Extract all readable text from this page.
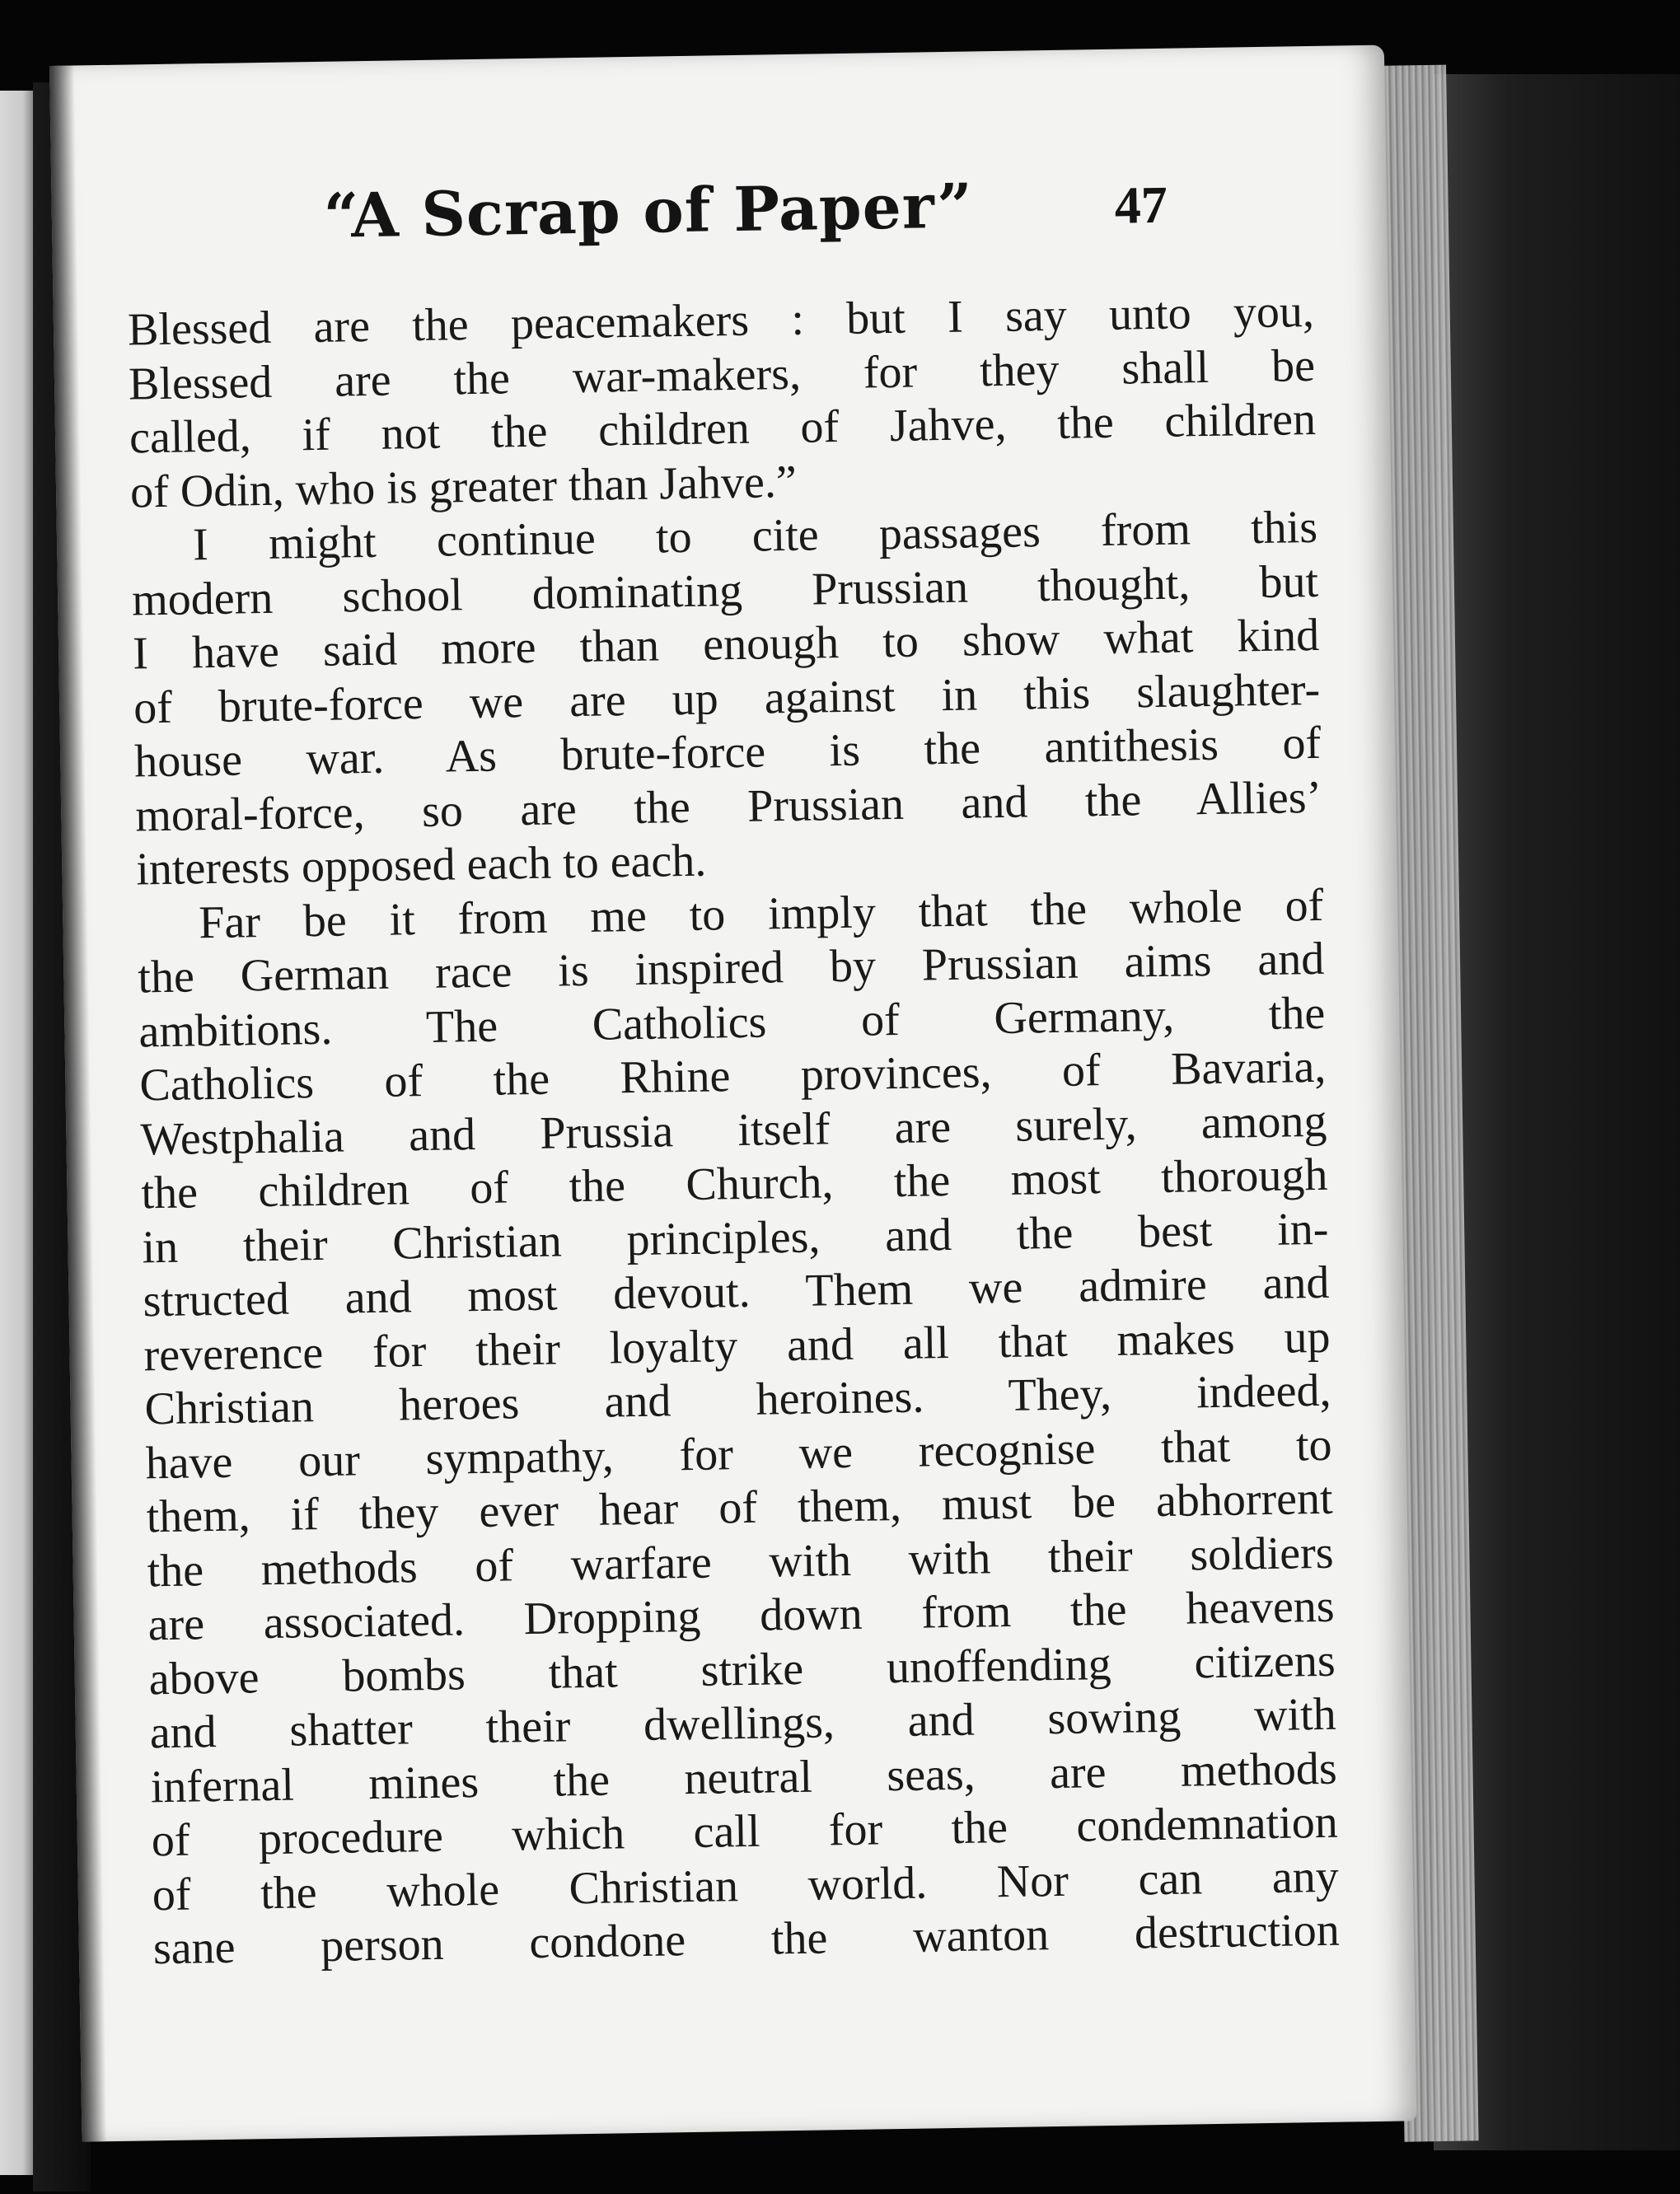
“A Scrap of Paper”	47
Blessed are the peacemakers : but I say unto you,
Blessed are the war-makers, for they shall be
called, if not the children of Jahve, the children
of Odin, who is greater than Jahve.”
I might continue to cite passages from this
modern school dominating Prussian thought, but
I have said more than enough to show what kind
of brute-force we are up against in this slaughter-
house war. As brute-force is the antithesis of
moral-force, so are the Prussian and the Allies’
interests opposed each to each.
Far be it from me to imply that the whole of
the German race is inspired by Prussian aims and
ambitions. The Catholics of Germany, the
Catholics of the Rhine provinces, of Bavaria,
Westphalia and Prussia itself are surely, among
the children of the Church, the most thorough
in their Christian principles, and the best in-
structed and most devout. Them we admire and
reverence for their loyalty and all that makes up
Christian heroes and heroines. They, indeed,
have our sympathy, for we recognise that to
them, if they ever hear of them, must be abhorrent
the methods of warfare with with their soldiers
are associated. Dropping down from the heavens
above bombs that strike unoffending citizens
and shatter their dwellings, and sowing with
infernal mines the neutral seas, are methods
of procedure which call for the condemnation
of the whole Christian world. Nor can any
sane person condone the wanton destruction
